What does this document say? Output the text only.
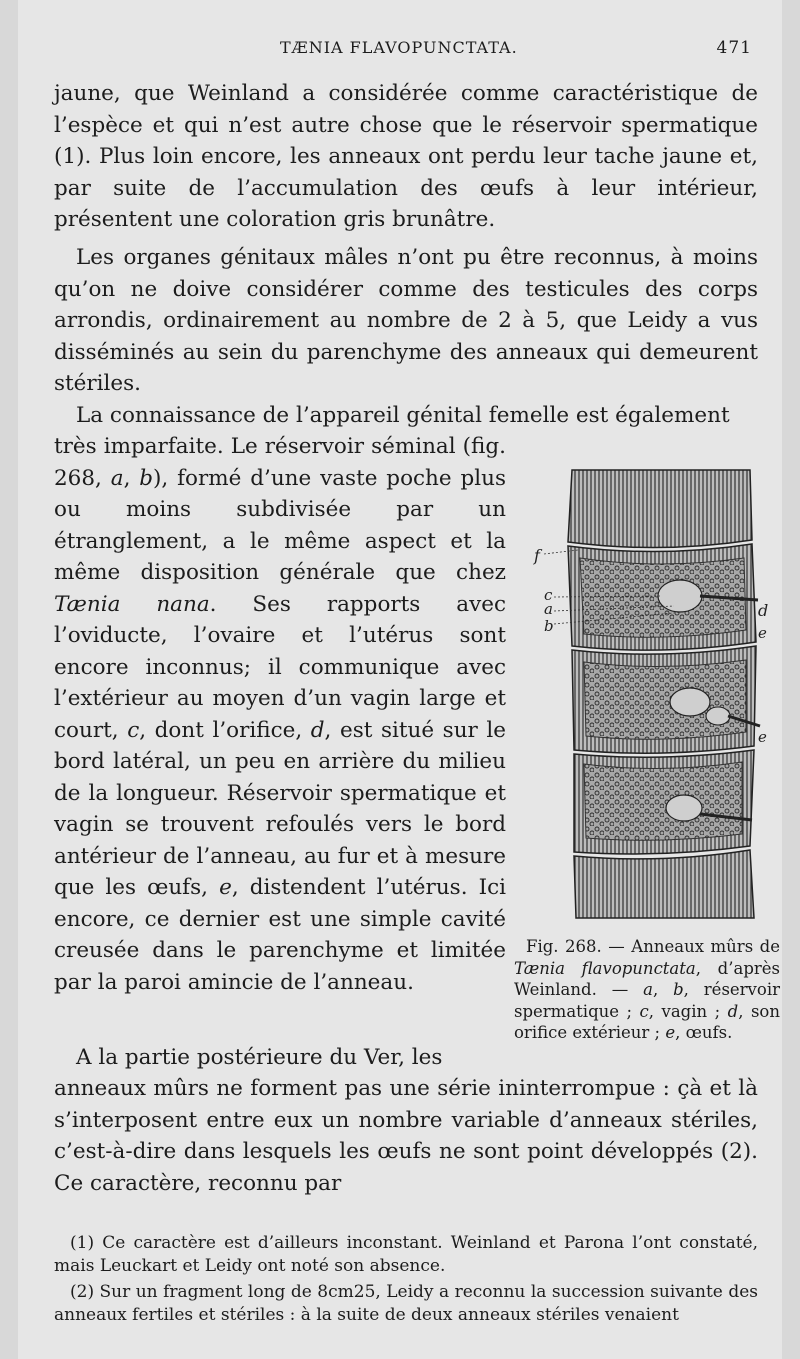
TÆNIA FLAVOPUNCTATA.	471

jaune, que Weinland a considérée comme caractéristique de l’espèce et qui n’est autre chose que le réservoir spermatique (1). Plus loin encore, les anneaux ont perdu leur tache jaune et, par suite de l’accumulation des œufs à leur intérieur, présentent une coloration gris brunâtre.

Les organes génitaux mâles n’ont pu être reconnus, à moins qu’on ne doive considérer comme des testicules des corps arrondis, ordinairement au nombre de 2 à 5, que Leidy a vus disséminés au sein du parenchyme des anneaux qui demeurent stériles.

La connaissance de l’appareil génital femelle est également

très imparfaite. Le réservoir séminal (fig. 268, a, b), formé d’une vaste poche plus ou moins subdivisée par un étranglement, a le même aspect et la même disposition générale que chez Tænia nana. Ses rapports avec l’oviducte, l’ovaire et l’utérus sont encore inconnus; il communique avec l’extérieur au moyen d’un vagin large et court, c, dont l’orifice, d, est situé sur le bord latéral, un peu en arrière du milieu de la longueur. Réservoir spermatique et vagin se trouvent refoulés vers le bord antérieur de l’anneau, au fur et à mesure que les œufs, e, distendent l’utérus. Ici encore, ce dernier est une simple cavité creusée dans le parenchyme et limitée par la paroi amincie de l’anneau.

A la partie postérieure du Ver, les

anneaux mûrs ne forment pas une série ininterrompue : çà et là s’interposent entre eux un nombre variable d’anneaux stériles, c’est-à-dire dans lesquels les œufs ne sont point développés (2). Ce caractère, reconnu par

f
c
a
b
d
e
e
Fig. 268. — Anneaux mûrs de Tænia flavopunctata, d’après Weinland. — a, b, réservoir spermatique ; c, vagin ; d, son orifice extérieur ; e, œufs.

(1) Ce caractère est d’ailleurs inconstant. Weinland et Parona l’ont constaté, mais Leuckart et Leidy ont noté son absence.

(2) Sur un fragment long de 8cm25, Leidy a reconnu la succession suivante des anneaux fertiles et stériles : à la suite de deux anneaux stériles venaient
